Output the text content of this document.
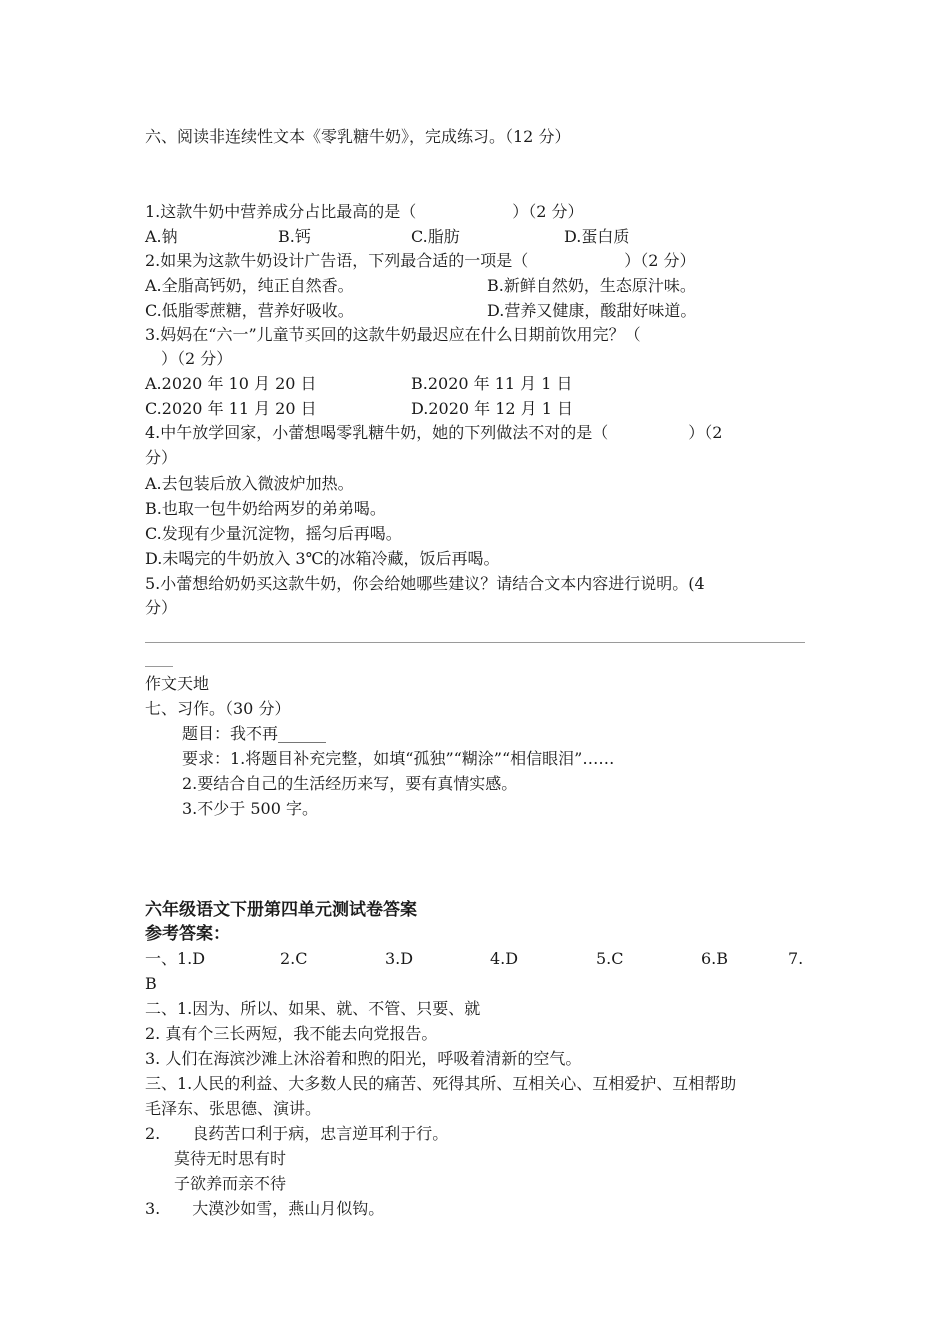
六、阅读非连续性文本《零乳糖牛奶》，完成练习。（12 分）
1.这款牛奶中营养成分占比最高的是（　　　　　　）（2 分）
A.钠	B.钙	C.脂肪	D.蛋白质
2.如果为这款牛奶设计广告语，下列最合适的一项是（　　　　　　）（2 分）
A.全脂高钙奶，纯正自然香。	B.新鲜自然奶，生态原汁味。
C.低脂零蔗糖，营养好吸收。	D.营养又健康，酸甜好味道。
3.妈妈在“六一”儿童节买回的这款牛奶最迟应在什么日期前饮用完？（
　）（2 分）
A.2020 年 10 月 20 日	B.2020 年 11 月 1 日
C.2020 年 11 月 20 日	D.2020 年 12 月 1 日
4.中午放学回家，小蕾想喝零乳糖牛奶，她的下列做法不对的是（　　　　　）（2
分）
A.去包装后放入微波炉加热。
B.也取一包牛奶给两岁的弟弟喝。
C.发现有少量沉淀物，摇匀后再喝。
D.未喝完的牛奶放入 3℃的冰箱冷藏，饭后再喝。
5.小蕾想给奶奶买这款牛奶，你会给她哪些建议？请结合文本内容进行说明。(4
分）
作文天地
七、习作。（30 分）
题目：我不再______
要求：1.将题目补充完整，如填“孤独”“糊涂”“相信眼泪”……
2.要结合自己的生活经历来写，要有真情实感。
3.不少于 500 字。
六年级语文下册第四单元测试卷答案
参考答案：
一、1.D	2.C	3.D	4.D	5.C	6.B	7.
B
二、1.因为、所以、如果、就、不管、只要、就
2. 真有个三长两短，我不能去向党报告。
3. 人们在海滨沙滩上沐浴着和煦的阳光，呼吸着清新的空气。
三、1.人民的利益、大多数人民的痛苦、死得其所、互相关心、互相爱护、互相帮助
毛泽东、张思德、演讲。
2.　　良药苦口利于病，忠言逆耳利于行。
莫待无时思有时
子欲养而亲不待
3.　　大漠沙如雪，燕山月似钩。
